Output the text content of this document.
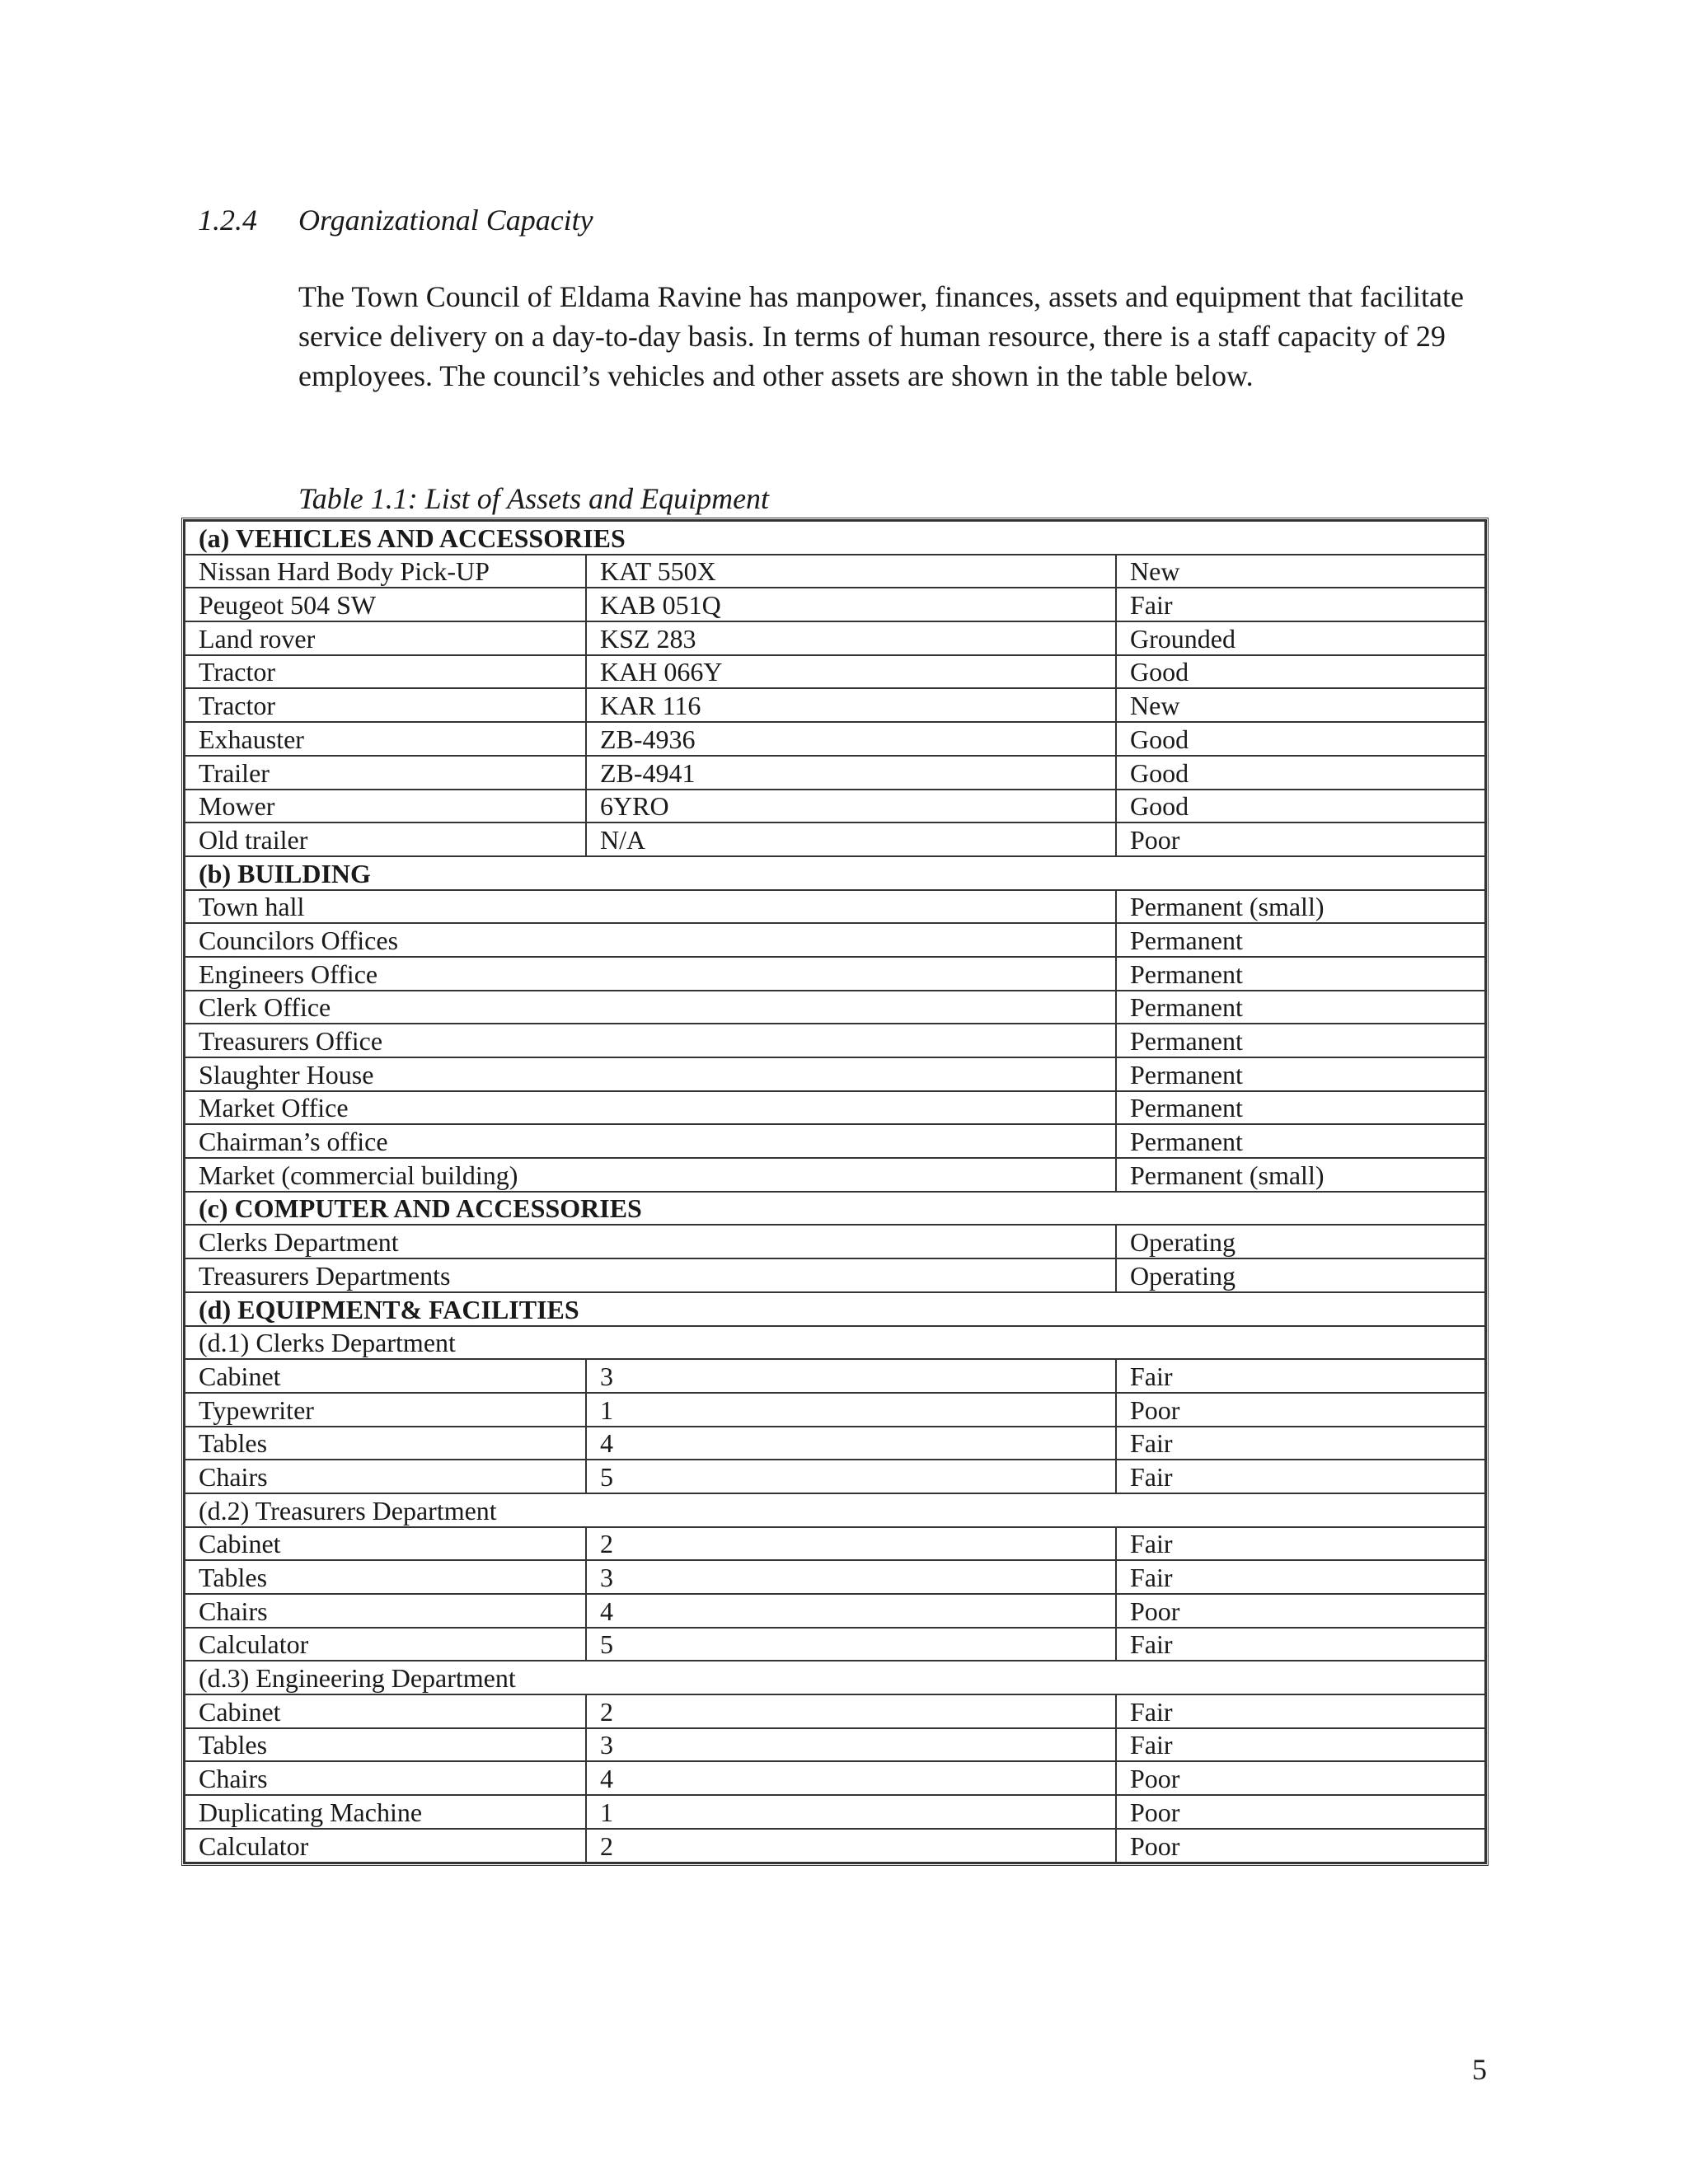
1.2.4 Organizational Capacity
The Town Council of Eldama Ravine has manpower, finances, assets and equipment that facilitate service delivery on a day-to-day basis. In terms of human resource, there is a staff capacity of 29 employees. The council’s vehicles and other assets are shown in the table below.
Table 1.1: List of Assets and Equipment
(a) VEHICLES AND ACCESSORIES		
Nissan Hard Body Pick-UP	KAT 550X	New
Peugeot 504 SW	KAB 051Q	Fair
Land rover	KSZ 283	Grounded
Tractor	KAH 066Y	Good
Tractor	KAR 116	New
Exhauster	ZB-4936	Good
Trailer	ZB-4941	Good
Mower	6YRO	Good
Old trailer	N/A	Poor
(b) BUILDING		
Town hall		Permanent (small)
Councilors Offices		Permanent
Engineers Office		Permanent
Clerk Office		Permanent
Treasurers Office		Permanent
Slaughter House		Permanent
Market Office		Permanent
Chairman’s office		Permanent
Market (commercial building)		Permanent (small)
(c) COMPUTER AND ACCESSORIES		
Clerks Department		Operating
Treasurers Departments		Operating
(d) EQUIPMENT& FACILITIES		
(d.1) Clerks Department		
Cabinet	3	Fair
Typewriter	1	Poor
Tables	4	Fair
Chairs	5	Fair
(d.2) Treasurers Department		
Cabinet	2	Fair
Tables	3	Fair
Chairs	4	Poor
Calculator	5	Fair
(d.3) Engineering Department		
Cabinet	2	Fair
Tables	3	Fair
Chairs	4	Poor
Duplicating Machine	1	Poor
Calculator	2	Poor
5
